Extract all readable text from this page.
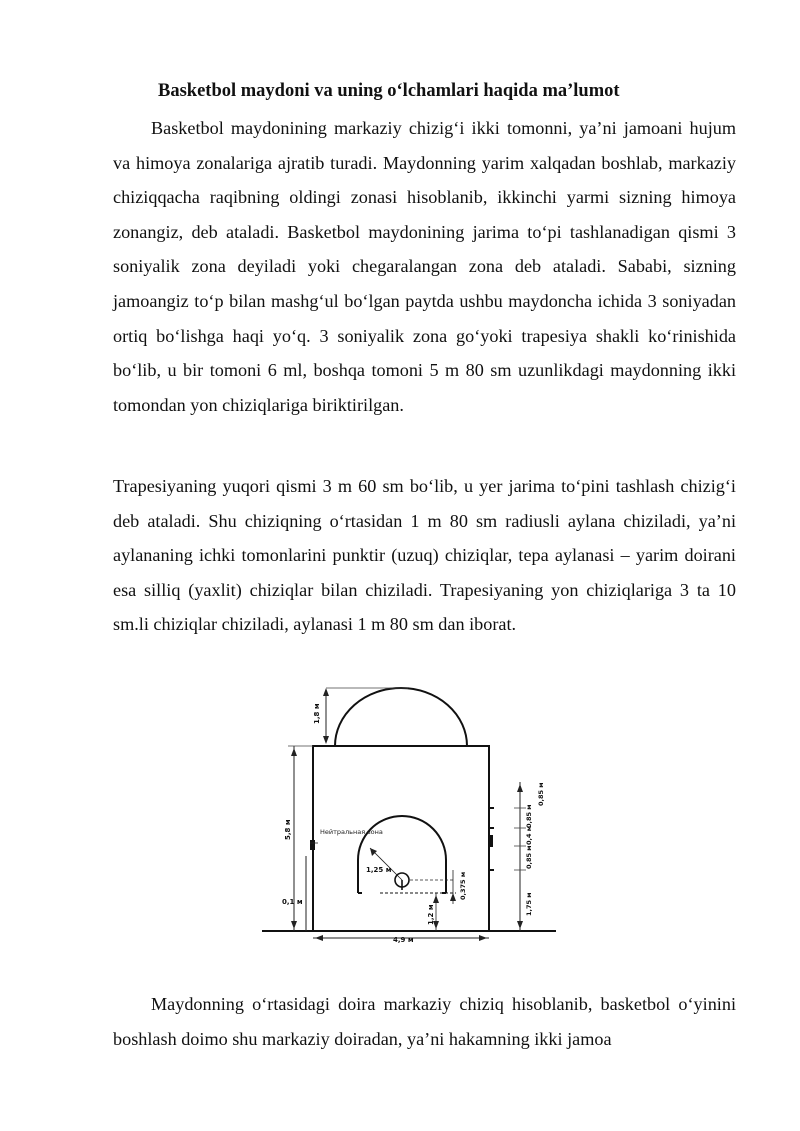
Basketbol maydoni va uning o‘lchamlari haqida ma’lumot

Basketbol maydonining markaziy chizig‘i ikki tomonni, ya’ni jamoani hujum va himoya zonalariga ajratib turadi. Maydonning yarim xalqadan boshlab, markaziy chiziqqacha raqibning oldingi zonasi hisoblanib, ikkinchi yarmi sizning himoya zonangiz, deb ataladi. Basketbol maydonining jarima to‘pi tashlanadigan qismi 3 soniyalik zona deyiladi yoki chegaralangan zona deb ataladi. Sababi, sizning jamoangiz to‘p bilan mashg‘ul bo‘lgan paytda ushbu maydoncha ichida 3 soniyadan ortiq bo‘lishga haqi yo‘q. 3 soniyalik zona go‘yoki trapesiya shakli ko‘rinishida bo‘lib, u bir tomoni 6 ml, boshqa tomoni 5 m 80 sm uzunlikdagi maydonning ikki tomondan yon chiziqlariga biriktirilgan.

Trapesiyaning yuqori qismi 3 m 60 sm bo‘lib, u yer jarima to‘pini tashlash chizig‘i deb ataladi. Shu chiziqning o‘rtasidan 1 m 80 sm radiusli aylana chiziladi, ya’ni aylananing ichki tomonlarini punktir (uzuq) chiziqlar, tepa aylanasi – yarim doirani esa silliq (yaxlit) chiziqlar bilan chiziladi. Trapesiyaning yon chiziqlariga 3 ta 10 sm.li chiziqlar chiziladi, aylanasi 1 m 80 sm dan iborat.

1,8 м
5,8 м
0,1 м
Нейтральная зона
1,25 м
0,375 м
1,2 м
4,9 м
0,85 м
0,85 м
0,4 м
0,85 м
1,75 м

Maydonning o‘rtasidagi doira markaziy chiziq hisoblanib, basketbol o‘yinini boshlash doimo shu markaziy doiradan, ya’ni hakamning ikki jamoa
